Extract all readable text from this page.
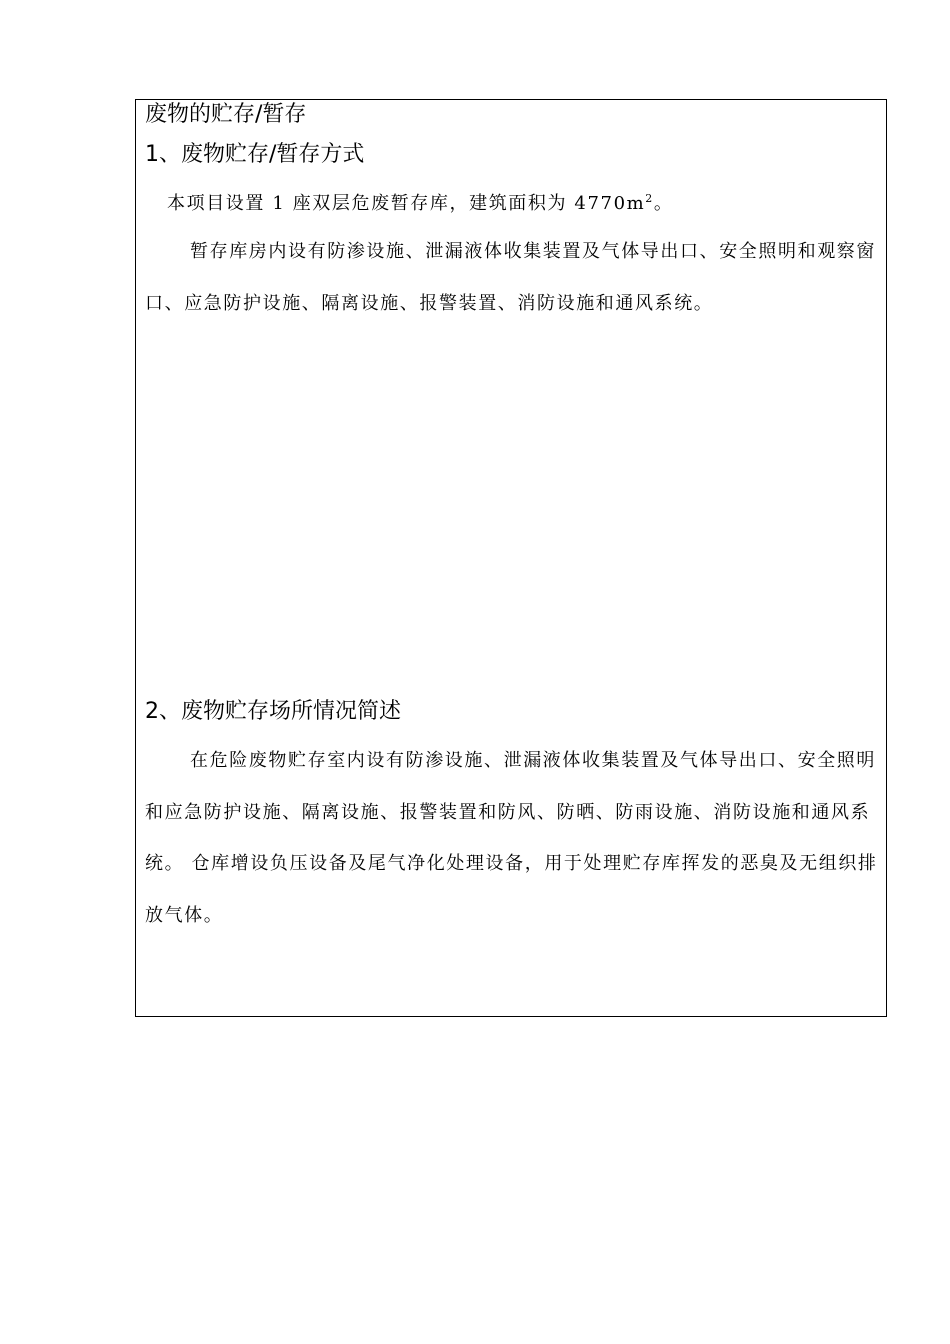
废物的贮存/暂存
1、废物贮存/暂存方式

本项目设置 1 座双层危废暂存库，建筑面积为 $4770m^2$。

暂存库房内设有防渗设施、泄漏液体收集装置及气体导出口、安全照明和观察窗口、应急防护设施、隔离设施、报警装置、消防设施和通风系统。

2、废物贮存场所情况简述

在危险废物贮存室内设有防渗设施、泄漏液体收集装置及气体导出口、安全照明和应急防护设施、隔离设施、报警装置和防风、防晒、防雨设施、消防设施和通风系统。 仓库增设负压设备及尾气净化处理设备，用于处理贮存库挥发的恶臭及无组织排放气体。
